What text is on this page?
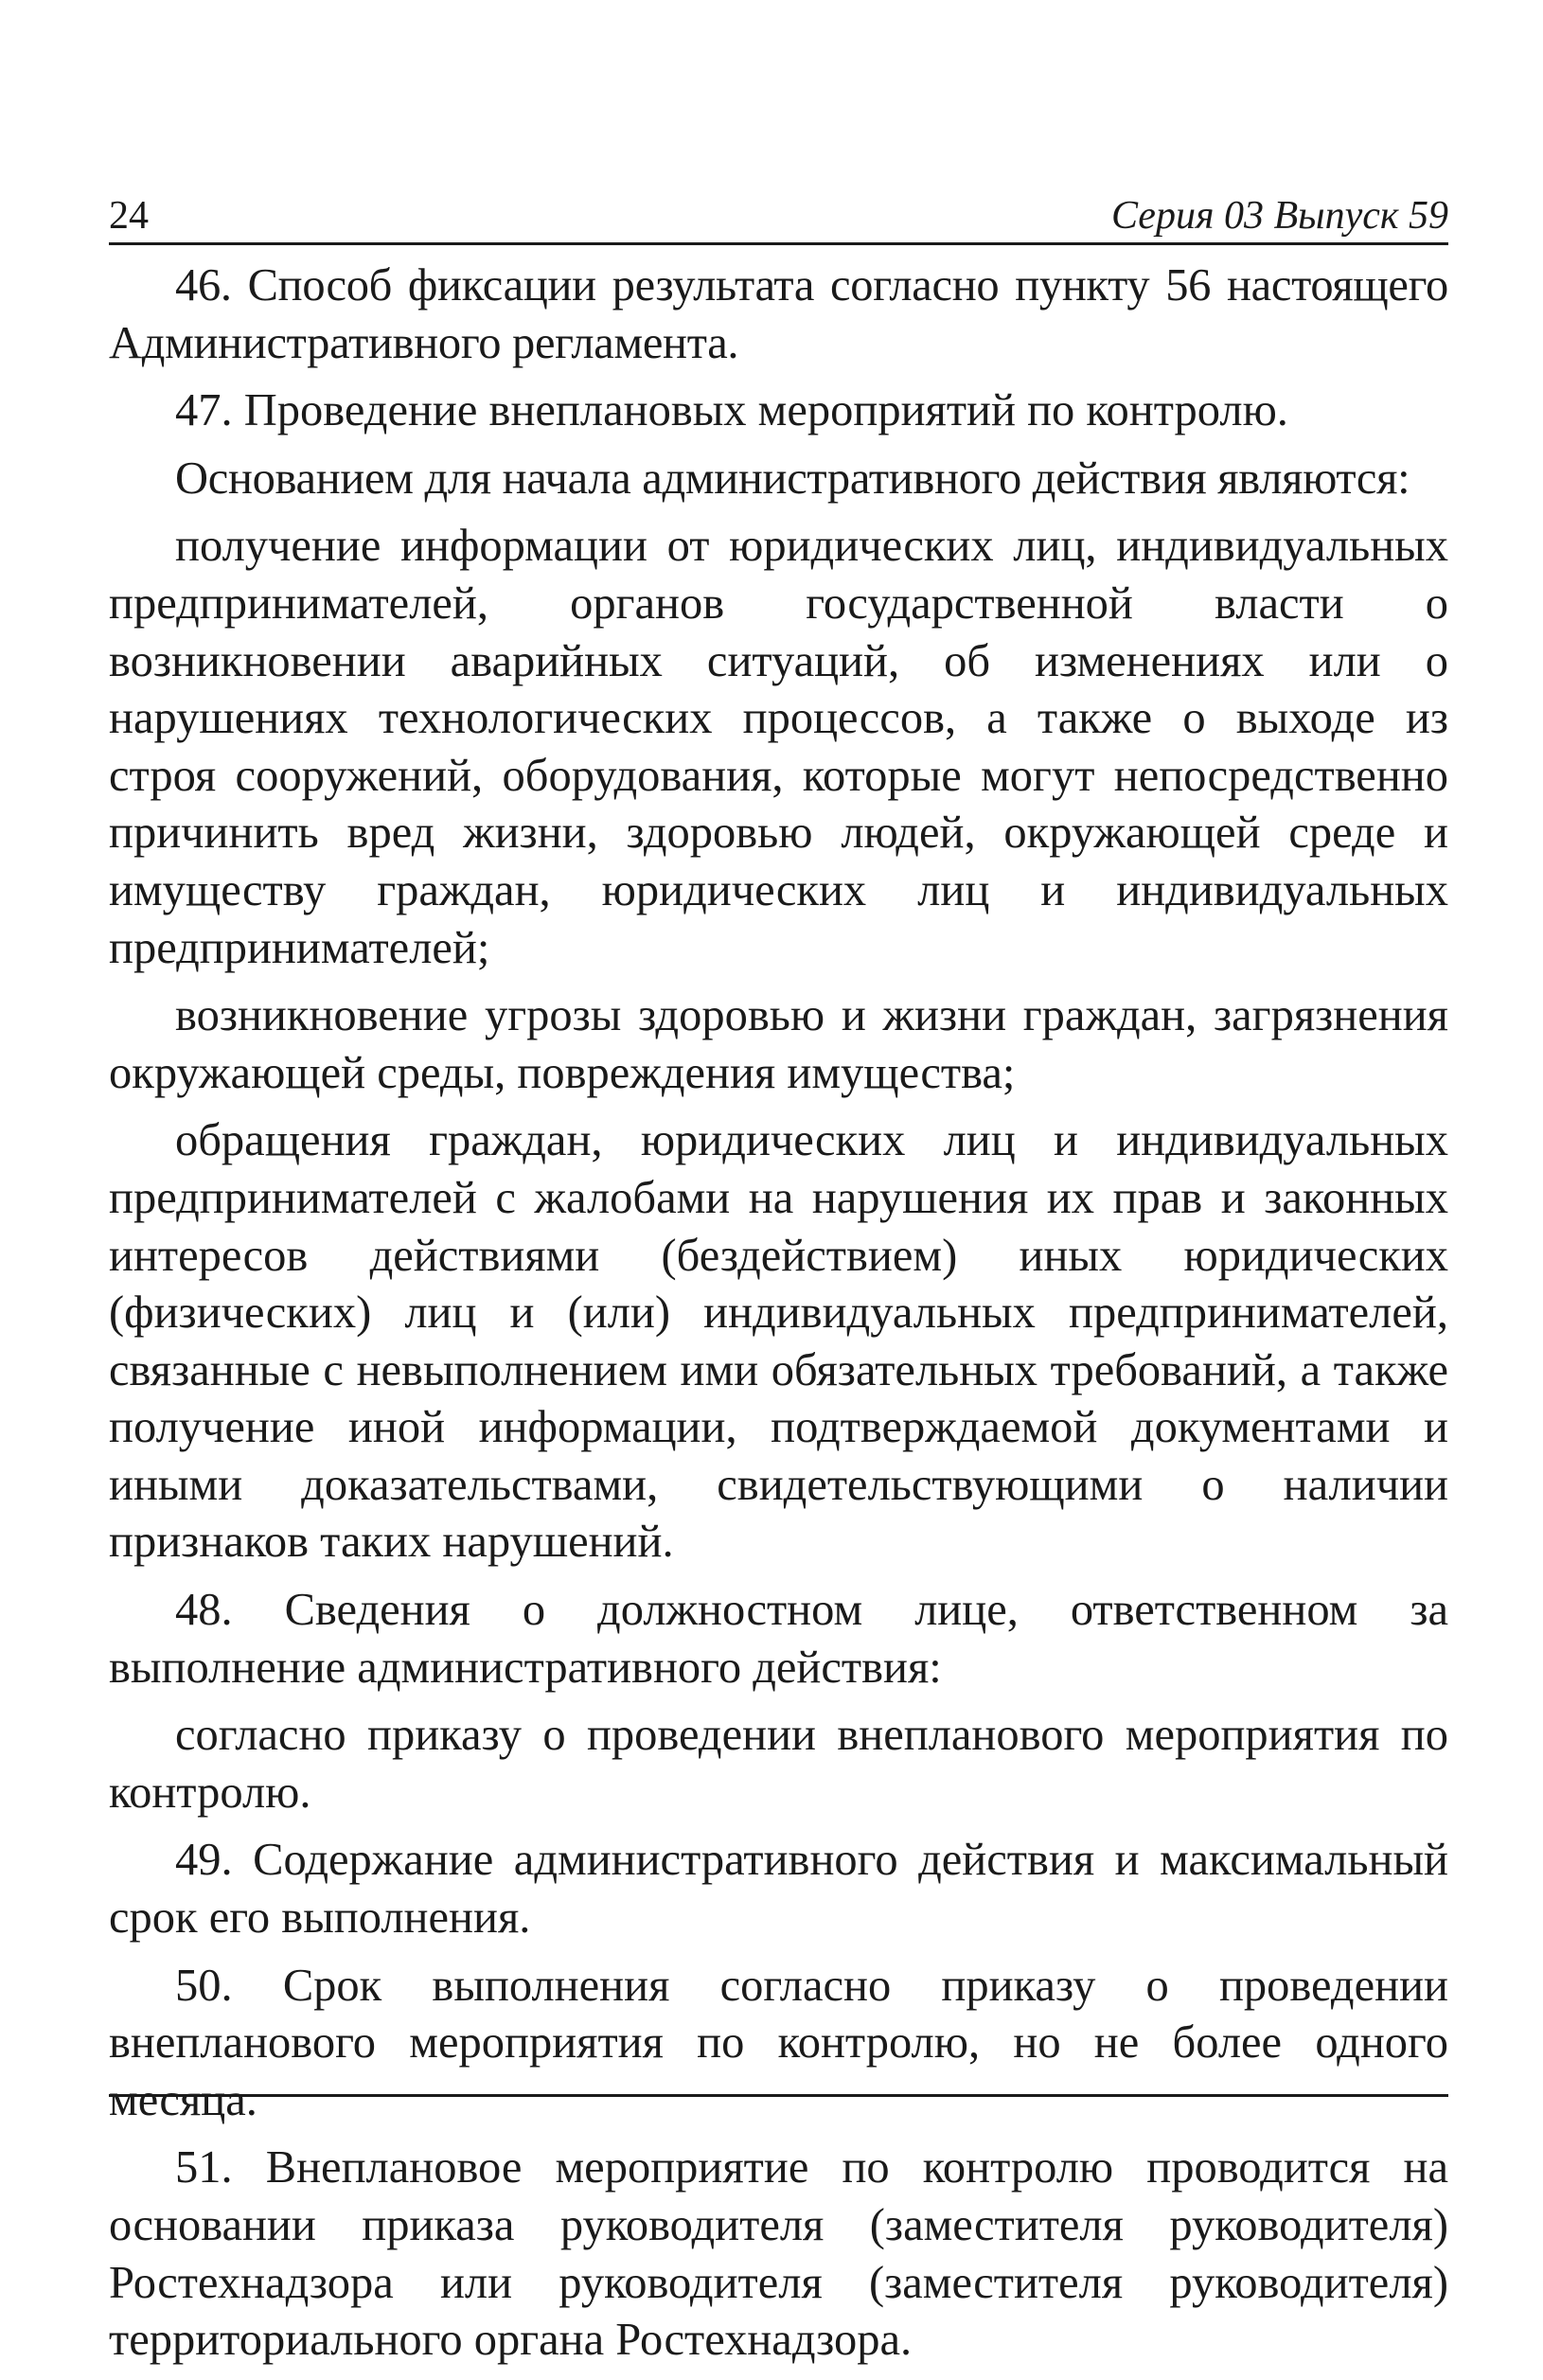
24	Серия 03 Выпуск 59

46. Способ фиксации результата согласно пункту 56 настоящего Административного регламента.

47. Проведение внеплановых мероприятий по контролю.

Основанием для начала административного действия являются:

получение информации от юридических лиц, индивидуальных предпринимателей, органов государственной власти о возникновении аварийных ситуаций, об изменениях или о нарушениях технологических процессов, а также о выходе из строя сооружений, оборудования, которые могут непосредственно причинить вред жизни, здоровью людей, окружающей среде и имуществу граждан, юридических лиц и индивидуальных предпринимателей;

возникновение угрозы здоровью и жизни граждан, загрязнения окружающей среды, повреждения имущества;

обращения граждан, юридических лиц и индивидуальных предпринимателей с жалобами на нарушения их прав и законных интересов действиями (бездействием) иных юридических (физических) лиц и (или) индивидуальных предпринимателей, связанные с невыполнением ими обязательных требований, а также получение иной информации, подтверждаемой документами и иными доказательствами, свидетельствующими о наличии признаков таких нарушений.

48. Сведения о должностном лице, ответственном за выполнение административного действия:

согласно приказу о проведении внепланового мероприятия по контролю.

49. Содержание административного действия и максимальный срок его выполнения.

50. Срок выполнения согласно приказу о проведении внепланового мероприятия по контролю, но не более одного месяца.

51. Внеплановое мероприятие по контролю проводится на основании приказа руководителя (заместителя руководителя) Ростехнадзора или руководителя (заместителя руководителя) территориального органа Ростехнадзора.
